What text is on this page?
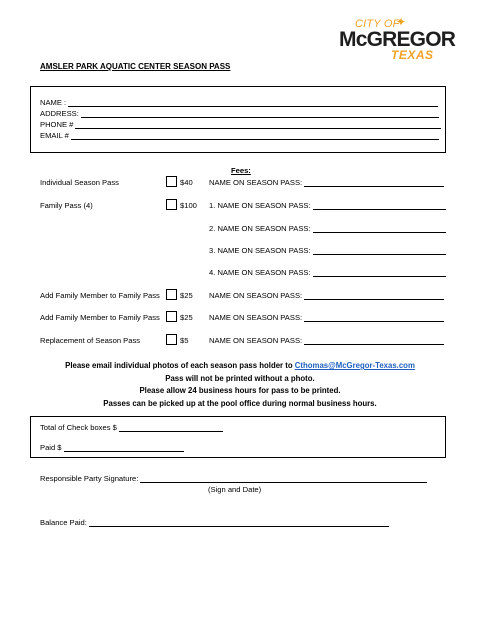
CITY OF
✦
McGREGOR
TEXAS
AMSLER PARK AQUATIC CENTER SEASON PASS
NAME :
ADDRESS:
PHONE #
EMAIL #
Fees:
Individual Season Pass	$40 NAME ON SEASON PASS:
Family Pass (4)	$100 1. NAME ON SEASON PASS:
2. NAME ON SEASON PASS:
3. NAME ON SEASON PASS:
4. NAME ON SEASON PASS:
Add Family Member to Family Pass	$25 NAME ON SEASON PASS:
Add Family Member to Family Pass	$25 NAME ON SEASON PASS:
Replacement of Season Pass	$5	NAME ON SEASON PASS:
Please email individual photos of each season pass holder to Cthomas@McGregor-Texas.com
Pass will not be printed without a photo.
Please allow 24 business hours for pass to be printed.
Passes can be picked up at the pool office during normal business hours.
Total of Check boxes $
Paid $
Responsible Party Signature:
(Sign and Date)
Balance Paid:
